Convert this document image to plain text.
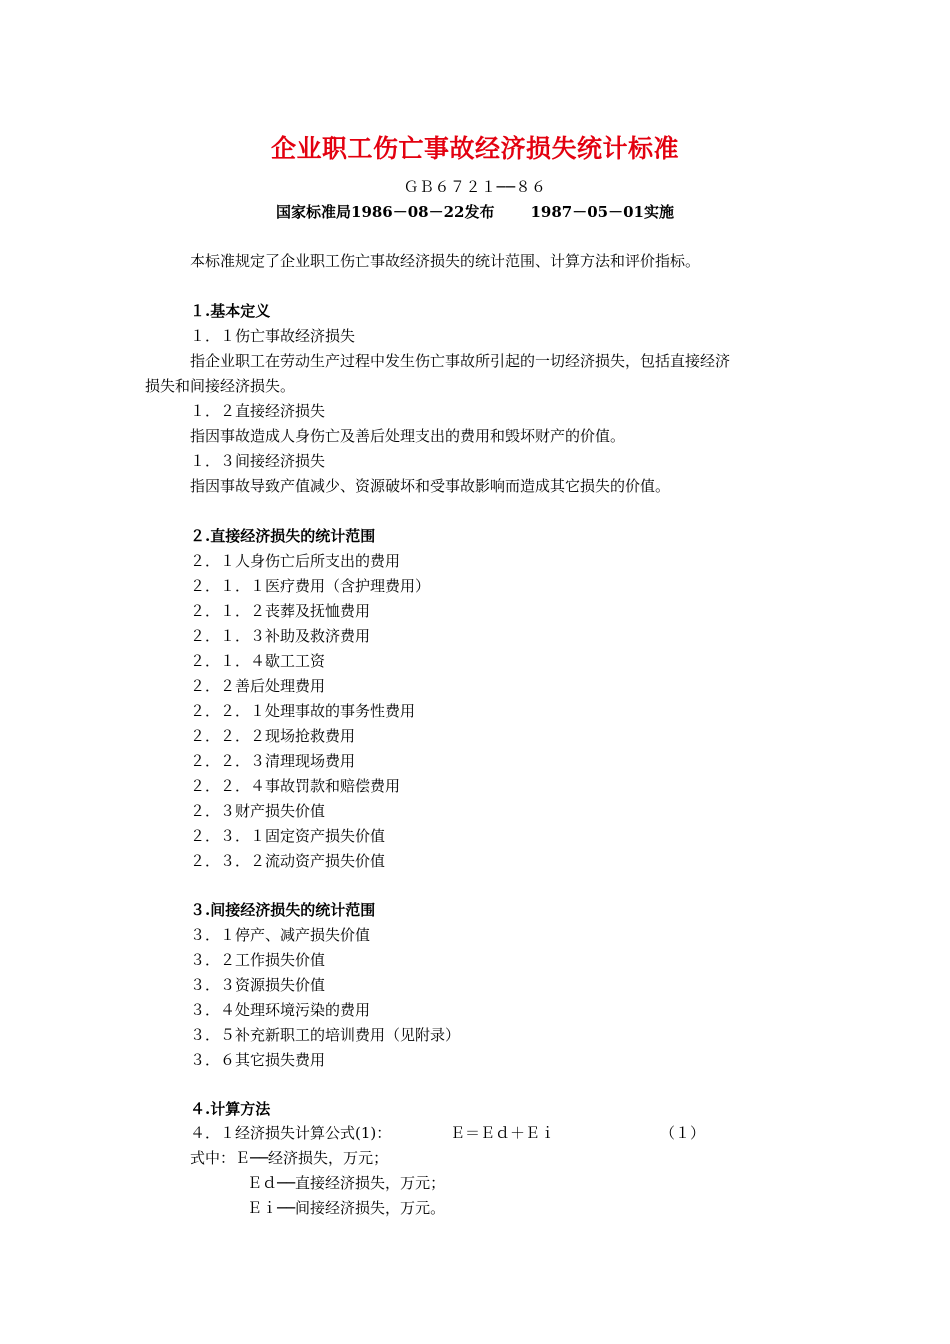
企业职工伤亡事故经济损失统计标准
ＧＢ６７２１──８６
国家标准局1986－08－22发布 1987－05－01实施
本标准规定了企业职工伤亡事故经济损失的统计范围、计算方法和评价指标。
１.基本定义
１．１伤亡事故经济损失
指企业职工在劳动生产过程中发生伤亡事故所引起的一切经济损失，包括直接经济
损失和间接经济损失。
１．２直接经济损失
指因事故造成人身伤亡及善后处理支出的费用和毁坏财产的价值。
１．３间接经济损失
指因事故导致产值减少、资源破坏和受事故影响而造成其它损失的价值。
２.直接经济损失的统计范围
２．１人身伤亡后所支出的费用
２．１．１医疗费用（含护理费用）
２．１．２丧葬及抚恤费用
２．１．３补助及救济费用
２．１．４歇工工资
２．２善后处理费用
２．２．１处理事故的事务性费用
２．２．２现场抢救费用
２．２．３清理现场费用
２．２．４事故罚款和赔偿费用
２．３财产损失价值
２．３．１固定资产损失价值
２．３．２流动资产损失价值
３.间接经济损失的统计范围
３．１停产、减产损失价值
３．２工作损失价值
３．３资源损失价值
３．４处理环境污染的费用
３．５补充新职工的培训费用（见附录）
３．６其它损失费用
４.计算方法
４．１经济损失计算公式(1)：	Ｅ＝Ｅｄ＋Ｅｉ	（１）
式中：Ｅ──经济损失，万元；
Ｅｄ──直接经济损失，万元；
Ｅｉ──间接经济损失，万元。
